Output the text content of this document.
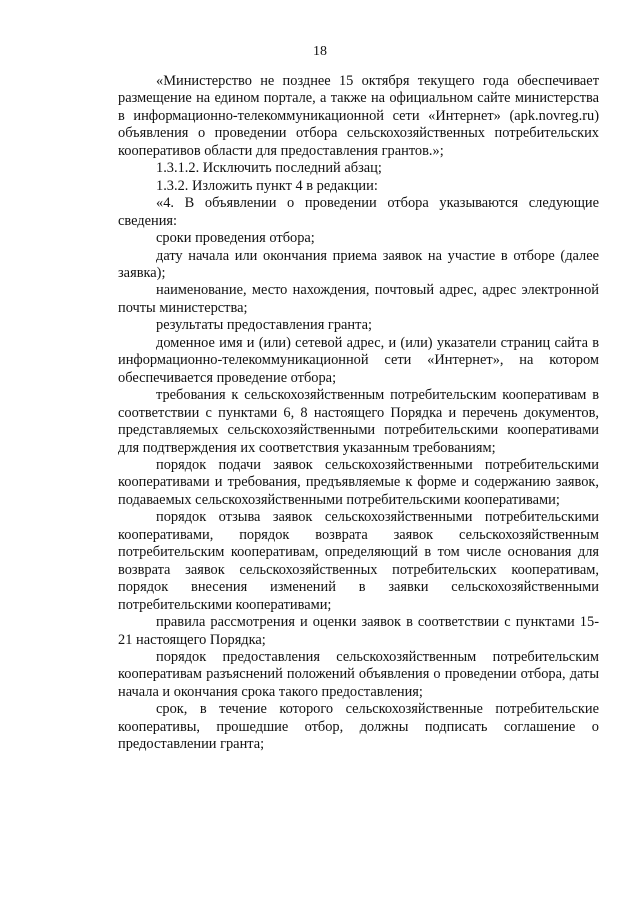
18

«Министерство не позднее 15 октября текущего года обеспечивает размещение на едином портале, а также на официальном сайте министерства в информационно-телекоммуникационной сети «Интернет» (apk.novreg.ru) объявления о проведении отбора сельскохозяйственных потребительских кооперативов области для предоставления грантов.»;

1.3.1.2. Исключить последний абзац;

1.3.2. Изложить пункт 4 в редакции:

«4. В объявлении о проведении отбора указываются следующие сведения:

сроки проведения отбора;

дату начала или окончания приема заявок на участие в отборе (далее заявка);

наименование, место нахождения, почтовый адрес, адрес электронной почты министерства;

результаты предоставления гранта;

доменное имя и (или) сетевой адрес, и (или) указатели страниц сайта в информационно-телекоммуникационной сети «Интернет», на котором обеспечивается проведение отбора;

требования к сельскохозяйственным потребительским кооперативам в соответствии с пунктами 6, 8 настоящего Порядка и перечень документов, представляемых сельскохозяйственными потребительскими кооперативами для подтверждения их соответствия указанным требованиям;

порядок подачи заявок сельскохозяйственными потребительскими кооперативами и требования, предъявляемые к форме и содержанию заявок, подаваемых сельскохозяйственными потребительскими кооперативами;

порядок отзыва заявок сельскохозяйственными потребительскими кооперативами, порядок возврата заявок сельскохозяйственным потребительским кооперативам, определяющий в том числе основания для возврата заявок сельскохозяйственных потребительских кооперативам, порядок внесения изменений в заявки сельскохозяйственными потребительскими кооперативами;

правила рассмотрения и оценки заявок в соответствии с пунктами 15-21 настоящего Порядка;

порядок предоставления сельскохозяйственным потребительским кооперативам разъяснений положений объявления о проведении отбора, даты начала и окончания срока такого предоставления;

срок, в течение которого сельскохозяйственные потребительские кооперативы, прошедшие отбор, должны подписать соглашение о предоставлении гранта;
